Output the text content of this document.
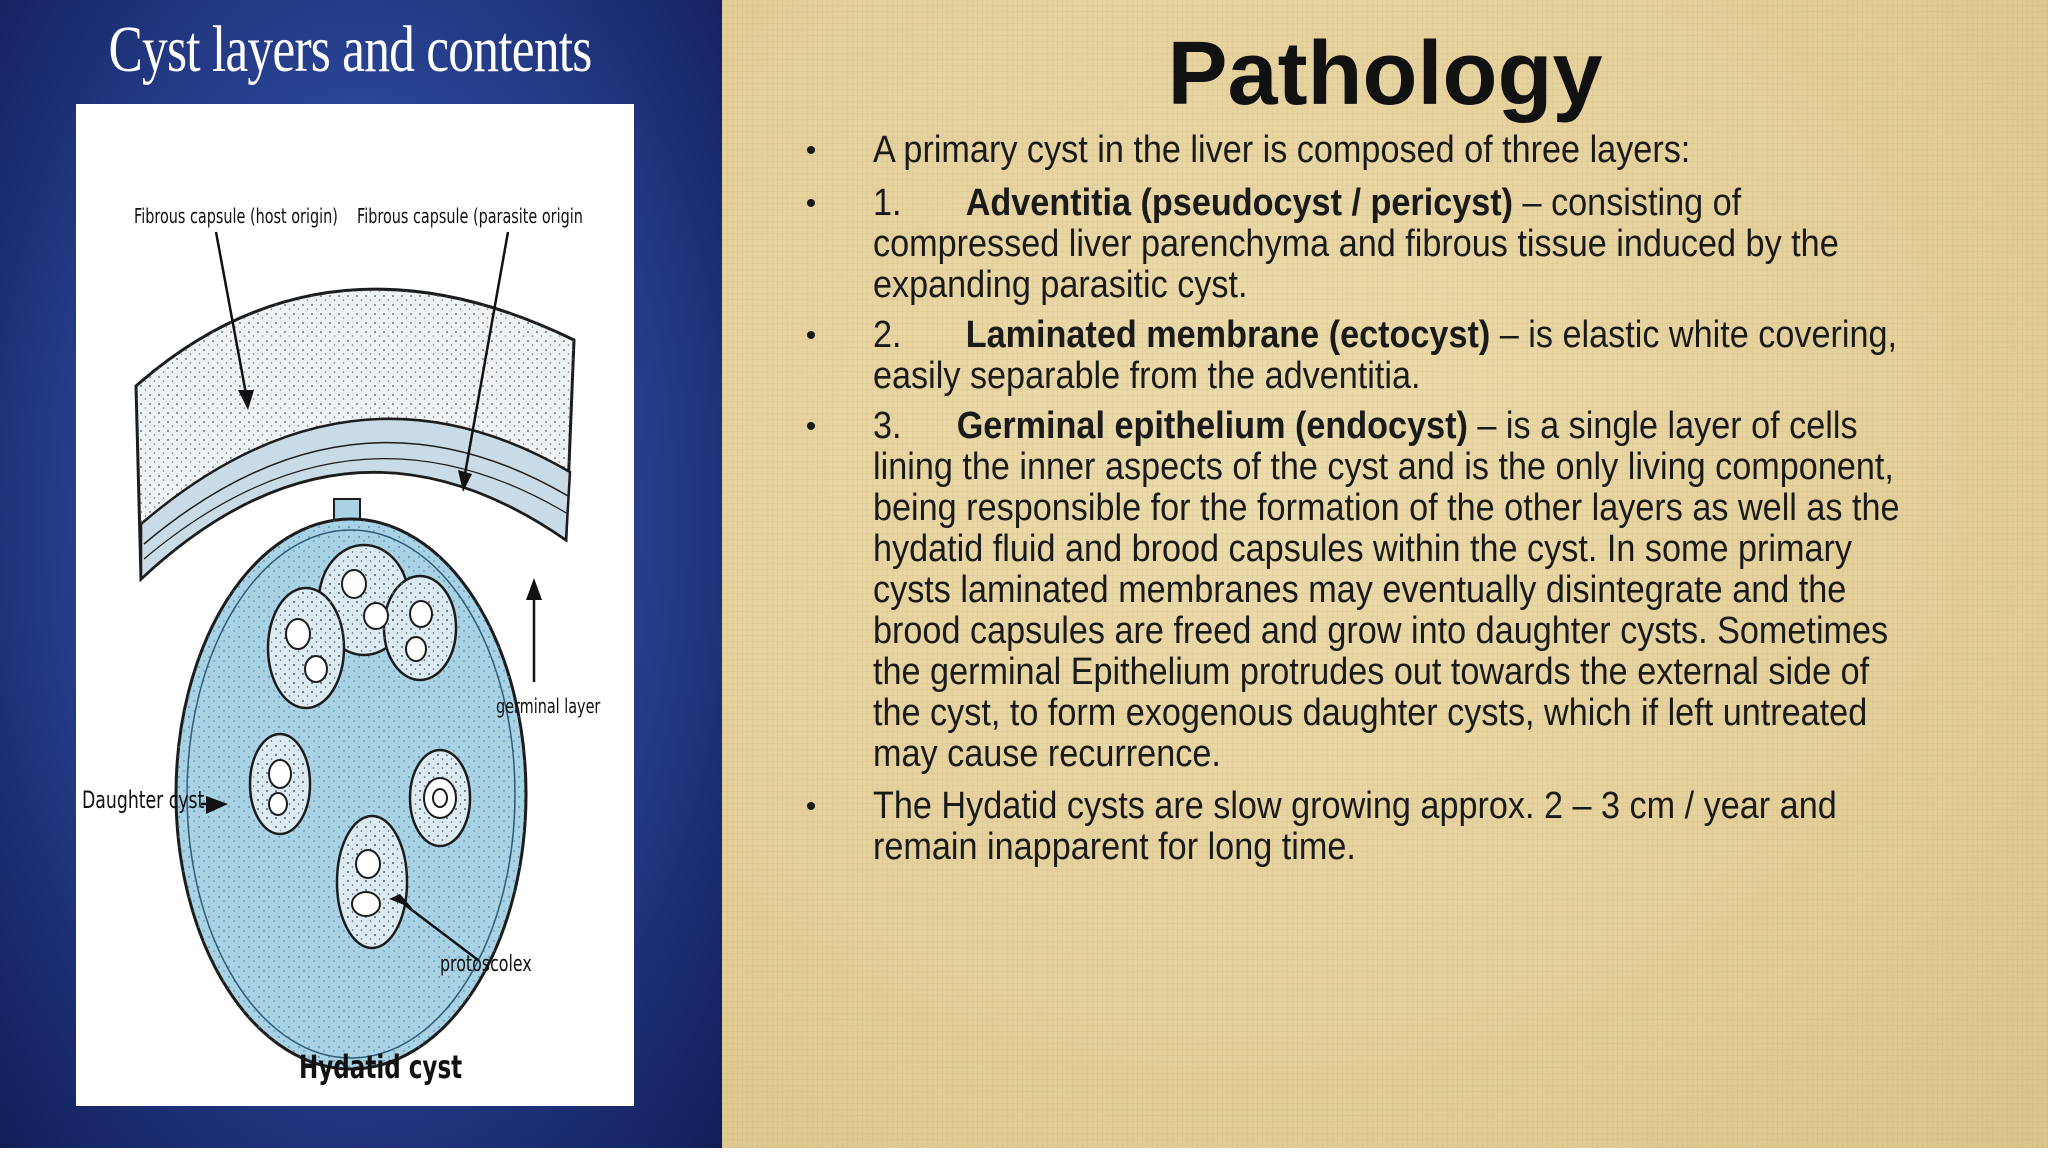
Cyst layers and contents
Fibrous capsule (host origin) Fibrous capsule (parasite origin
germinal layer
Daughter cyst
protoscolex
Hydatid cyst
Pathology
• A primary cyst in the liver is composed of three layers:
• 1. Adventitia (pseudocyst / pericyst) – consisting of
compressed liver parenchyma and fibrous tissue induced by the
expanding parasitic cyst.
• 2. Laminated membrane (ectocyst) – is elastic white covering,
easily separable from the adventitia.
• 3. Germinal epithelium (endocyst) – is a single layer of cells
lining the inner aspects of the cyst and is the only living component,
being responsible for the formation of the other layers as well as the
hydatid fluid and brood capsules within the cyst. In some primary
cysts laminated membranes may eventually disintegrate and the
brood capsules are freed and grow into daughter cysts. Sometimes
the germinal Epithelium protrudes out towards the external side of
the cyst, to form exogenous daughter cysts, which if left untreated
may cause recurrence.
• The Hydatid cysts are slow growing approx. 2 – 3 cm / year and
remain inapparent for long time.
